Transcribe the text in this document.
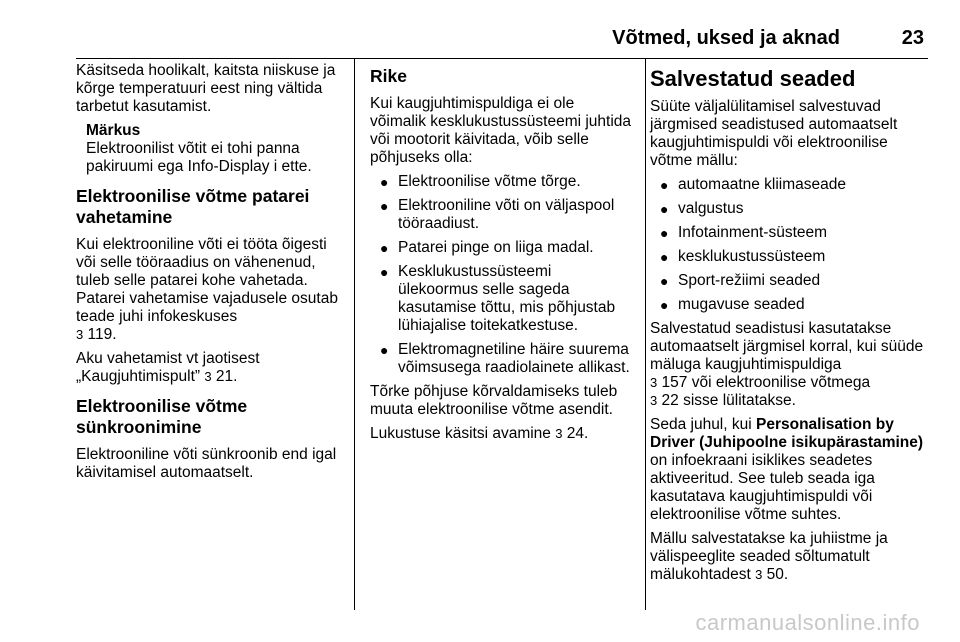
Võtmed, uksed ja aknad	23

Käsitseda hoolikalt, kaitsta niiskuse ja kõrge temperatuuri eest ning vältida tarbetut kasutamist.

Märkus
Elektroonilist võtit ei tohi panna pakiruumi ega Info-Display i ette.
Elektroonilise võtme patarei vahetamine

Kui elektrooniline võti ei tööta õigesti või selle tööraadius on vähenenud, tuleb selle patarei kohe vahetada. Patarei vahetamise vajadusele osutab teade juhi infokeskuses
3 119.

Aku vahetamist vt jaotisest „Kaugjuhtimispult” 3 21.

Elektroonilise võtme sünkroonimine

Elektrooniline võti sünkroonib end igal käivitamisel automaatselt.

Rike

Kui kaugjuhtimispuldiga ei ole võimalik kesklukustussüsteemi juhtida või mootorit käivitada, võib selle põhjuseks olla:

● Elektroonilise võtme tõrge.
● Elektrooniline võti on väljaspool tööraadiust.
● Patarei pinge on liiga madal.
● Kesklukustussüsteemi ülekoormus selle sageda kasutamise tõttu, mis põhjustab lühiajalise toitekatkestuse.
● Elektromagnetiline häire suurema võimsusega raadiolainete allikast.

Tõrke põhjuse kõrvaldamiseks tuleb muuta elektroonilise võtme asendit.

Lukustuse käsitsi avamine 3 24.

Salvestatud seaded

Süüte väljalülitamisel salvestuvad järgmised seadistused automaatselt kaugjuhtimispuldi või elektroonilise võtme mällu:

● automaatne kliimaseade
● valgustus
● Infotainment-süsteem
● kesklukustussüsteem
● Sport-režiimi seaded
● mugavuse seaded

Salvestatud seadistusi kasutatakse automaatselt järgmisel korral, kui süüde mäluga kaugjuhtimispuldiga
3 157 või elektroonilise võtmega
3 22 sisse lülitatakse.

Seda juhul, kui Personalisation by Driver (Juhipoolne isikupärastamine) on infoekraani isiklikes seadetes aktiveeritud. See tuleb seada iga kasutatava kaugjuhtimispuldi või elektroonilise võtme suhtes.

Mällu salvestatakse ka juhiistme ja välispeeglite seaded sõltumatult mälukohtadest 3 50.

carmanualsonline.info
